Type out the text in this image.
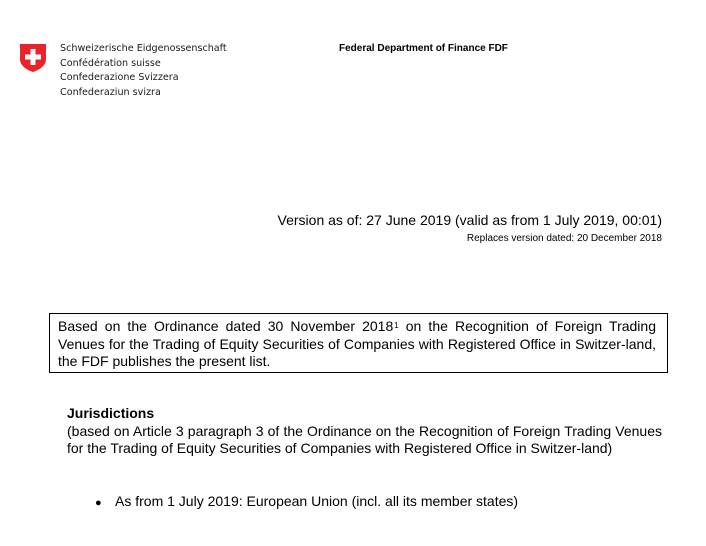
Schweizerische Eidgenossenschaft
Confédération suisse
Confederazione Svizzera
Confederaziun svizra
Federal Department of Finance FDF
Version as of: 27 June 2019 (valid as from 1 July 2019, 00:01)
Replaces version dated: 20 December 2018
Based on the Ordinance dated 30 November 2018$^1$ on the Recognition of Foreign Trading Venues for the Trading of Equity Securities of Companies with Registered Office in Switzer-land, the FDF publishes the present list.
Jurisdictions
(based on Article 3 paragraph 3 of the Ordinance on the Recognition of Foreign Trading Venues for the Trading of Equity Securities of Companies with Registered Office in Switzer-land)
● As from 1 July 2019: European Union (incl. all its member states)
